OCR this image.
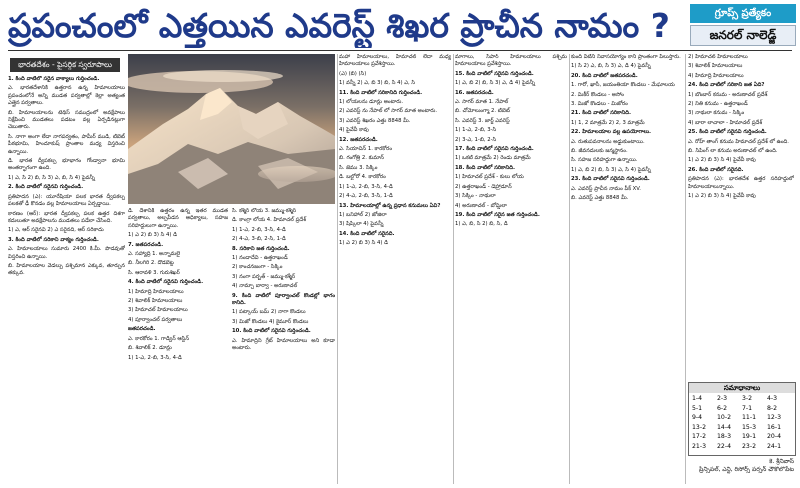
ప్రపంచంలో ఎత్తయిన ఎవరెస్ట్ శిఖర ప్రాచీన నామం ?	గ్రూప్స్ ప్రత్యేకం
జనరల్ నాలెడ్జ్
భారతదేశం - పైసర్గిక స్వరూపాలు

1. కింది వాటిలో సరైన వాక్యాలు గుర్తించండి.

ఎ. భారతదేశానికి ఉత్తరాన ఉన్న హిమాలయాలు ప్రపంచంలోనే అన్ని ముడత పర్వతాల్లో కెల్లా అత్యంత ఎత్తైన పర్వతాలు.

బి. హిమాలయాలను టెథిస్ సముద్రంలో అవక్షేపాలు నిక్షేపించి ముడతలు పడటం వల్ల ఏర్పడినట్లుగా చెబుతారు.

సి. నాగా అంగా లేదా నాగపర్వతం, పామీర్ ముడి, టిబెట్ పీఠభూమి, హిందూకుష్ ప్రాంతాల మధ్య విస్తరించి ఉన్నాయి.

డి. భారత ద్వీపకల్ప భూభాగం గోండ్వానా భూమి అంతర్భాగంగా ఉంది.

1) ఎ, సి 2) బి, సి 3) ఎ, బి, సి 4) పైవన్నీ

2. కింది వాటిలో సరైనవి గుర్తించండి.

ప్రతిపాదన (ఎ): యూరేషియా పలక భారత ద్వీపకల్ప పలకతో ఢీ కొనడం వల్ల హిమాలయాలు ఏర్పడ్డాయి.

కారణం (ఆర్): భారత ద్వీపకల్ప పలక ఉత్తర దిశగా కదులుతూ అవక్షేపాలను ముడతలు పడేలా చేసింది.

1) ఎ, ఆర్ సరైనవి 2) ఎ సరైనది, ఆర్ సరికాదు

3. కింది వాటిలో సరికాని వాక్యం గుర్తించండి.

ఎ. హిమాలయాలు సుమారు 2400 కి.మీ. పొడవుతో విస్తరించి ఉన్నాయి.

బి. హిమాలయాల వెడల్పు పశ్చిమాన ఎక్కువ, తూర్పున తక్కువ.

డి. దేశానికి ఉత్తరం ఉన్న ఇతర ముడత పర్వతాలు, అల్పపీడన ఆధిక్యాలు, సహజ సరిహద్దులుగా ఉన్నాయి.

1) ఎ 2) బి 3) సి 4) డి

7. జతపరచండి.

ఎ. సహ్యాద్రి 1. అన్నామలై

బి. నీలగిరి 2. దొడబెట్ట

సి. ఆరావళి 3. గురుశిఖర్

4. కింది వాటిలో సరైనవి గుర్తించండి.

1) హిమాద్రి హిమాలయాలు

2) శివాలిక్ హిమాలయాలు

3) హిమాచల్ హిమాలయాలు

4) పూర్వాంచల్ పర్వతాలు

జతపరచండి.

ఎ. కారకోరం 1. గాడ్విన్ ఆస్టిన్

బి. శివాలిక్ 2. డూన్లు

1) 1-ఎ, 2-బి, 3-సి, 4-డి

సి. కశ్మీర్ లోయ 3. జమ్ము-కశ్మీర్

డి. కాంగ్రా లోయ 4. హిమాచల్ ప్రదేశ్

1) 1-ఎ, 2-బి, 3-సి, 4-డి

2) 4-ఎ, 3-బి, 2-సి, 1-డి

8. సరికాని జత గుర్తించండి.

1) నందాదేవి - ఉత్తరాఖండ్

2) కాంచనజంగా - సిక్కిం

3) నంగా పర్బత్ - జమ్ము-కశ్మీర్

4) నామ్చా బార్వా - అరుణాచల్

9. కింది వాటిలో పూర్వాంచల్ కొండల్లో భాగం కానిది.

1) పట్కాయ్ బమ్ 2) నాగా కొండలు

3) మిజో కొండలు 4) కైమూర్ కొండలు

10. కింది వాటిలో సరైనవి గుర్తించండి.

ఎ. హిమాద్రిని గ్రేట్ హిమాలయాలు అని కూడా అంటారు.

మహా హిమాలయాలు, హిమాచల్ లేదా మధ్య హిమాలయాలు ప్రవేశిస్తాయి.

(ఎ) (బి) (సి)

1) వన్నీ 2) ఎ, బి 3) బి, సి 4) ఎ, సి

11. కింది వాటిలో సరికానిది గుర్తించండి.

1) లోయలను డూన్లు అంటారు.

2) ఎవరెస్ట్ ను నేపాల్ లో సాగర్ మాత అంటారు.

3) ఎవరెస్ట్ శిఖరం ఎత్తు 8848 మీ.

4) పైవేవీ కావు

12. జతపరచండి.

ఎ. సియాచిన్ 1. కారకోరం

బి. గంగోత్రి 2. కుమాన్

సి. జెము 3. సిక్కిం

డి. బల్టోరో 4. కారకోరం

1) 1-ఎ, 2-బి, 3-సి, 4-డి

2) 4-ఎ, 2-బి, 3-సి, 1-డి

13. హిమాలయాల్లో ఉన్న ప్రధాన కనుమలు ఏవి?

1) బనిహాల్ 2) జోజిలా

3) షిప్కిలా 4) పైవన్నీ

14. కింది వాటిలో సరైనది.

1) ఎ 2) బి 3) సి 4) డి

మాగాలు, సిపార్ హిమాలయాలు పశ్చిమ హిమాలయాలు ప్రవేశిస్తాయి.

15. కింది వాటిలో సరైనవి గుర్తించండి.

1) ఎ, బి 2) బి, సి 3) ఎ, డి 4) పైవన్నీ

16. జతపరచండి.

ఎ. సాగర్ మాత 1. నేపాల్

బి. చోమోలుంగ్మా 2. టిబెట్

సి. ఎవరెస్ట్ 3. జార్జ్ ఎవరెస్ట్

1) 1-ఎ, 2-బి, 3-సి

2) 3-ఎ, 1-బి, 2-సి

17. కింది వాటిలో సరైనవి గుర్తించండి.

1) ఒకటి మాత్రమే 2) రెండు మాత్రమే

18. కింది వాటిలో సరికానిది.

1) హిమాచల్ ప్రదేశ్ - కులు లోయ

2) ఉత్తరాఖండ్ - డెహ్రాడూన్

3) సిక్కిం - నాథులా

4) అరుణాచల్ - బోమ్డిలా

19. కింది వాటిలో సరైన జత గుర్తించండి.

1) ఎ, బి, సి 2) బి, సి, డి

కుంది వీటిని నివాసయోగ్యం కాని ప్రాంతంగా పిలుస్తారు.

1) సి 2) ఎ, బి, సి 3) ఎ, డి 4) పైవన్నీ

20. కింది వాటిలో జతపరచండి.

1. గారో, ఖాసీ, జయంతియా కొండలు - మేఘాలయ

2. మికీర్ కొండలు - అసోం

3. మిజో కొండలు - మిజోరం

21. కింది వాటిలో సరికానిది.

1) 1, 2 మాత్రమే 2) 2, 3 మాత్రమే

22. హిమాలయాల వల్ల ఉపయోగాలు.

ఎ. రుతుపవనాలను అడ్డుకుంటాయి.

బి. జీవనదులకు జన్మస్థానం.

సి. సహజ సరిహద్దుగా ఉన్నాయి.

1) ఎ, బి 2) బి, సి 3) ఎ, సి 4) పైవన్నీ

23. కింది వాటిలో సరైనవి గుర్తించండి.

ఎ. ఎవరెస్ట్ ప్రాచీన నామం పీక్ XV.

బి. ఎవరెస్ట్ ఎత్తు 8848 మీ.

2) హిమాచల్ హిమాలయాలు

3) శివాలిక్ హిమాలయాలు

4) హిమాద్రి హిమాలయాలు

24. కింది వాటిలో సరికాని జత ఏది?

1) బొంబార్ కనుమ - అరుణాచల్ ప్రదేశ్

2) నితి కనుమ - ఉత్తరాఖండ్

3) నాథులా కనుమ - సిక్కిం

4) బారా లాచాలా - హిమాచల్ ప్రదేశ్

25. కింది వాటిలో సరైనవి గుర్తించండి.

ఎ. రోహ్ తాంగ్ కనుమ హిమాచల్ ప్రదేశ్ లో ఉంది.

బి. సిపింగ్ లా కనుమ అరుణాచల్ లో ఉంది.

1) ఎ 2) బి 3) సి 4) పైవేవీ కావు

26. కింది వాటిలో సరైనది.

ప్రతిపాదన (ఎ): భారతదేశ ఉత్తర సరిహద్దులో హిమాలయాలున్నాయి.

1) ఎ 2) బి 3) సి 4) పైవేవీ కావు

సమాధానాలు
1-4	2-3	3-2	4-3
5-1	6-2	7-1	8-2
9-4	10-2	11-1	12-3
13-2	14-4	15-3	16-1
17-2	18-3	19-1	20-4
21-3	22-4	23-2	24-1
కె. శ్రీనివాస్
ప్రిన్సిపల్, ఎన్టి, రిసోర్స్ పర్సన్ చౌకొలొపేట
